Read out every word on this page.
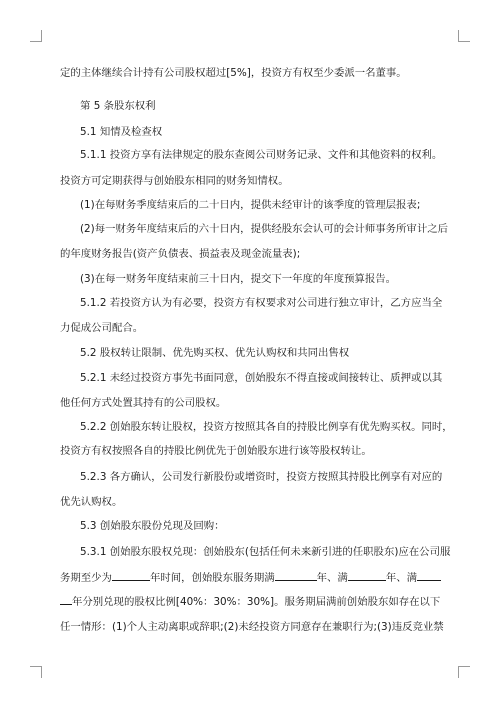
定的主体继续合计持有公司股权超过[5%]，投资方有权至少委派一名董事。
第 5 条股东权利
5.1 知情及检查权
5.1.1 投资方享有法律规定的股东查阅公司财务记录、文件和其他资料的权利。
投资方可定期获得与创始股东相同的财务知情权。
(1)在每财务季度结束后的二十日内，提供未经审计的该季度的管理层报表;
(2)每一财务年度结束后的六十日内，提供经股东会认可的会计师事务所审计之后
的年度财务报告(资产负债表、损益表及现金流量表);
(3)在每一财务年度结束前三十日内，提交下一年度的年度预算报告。
5.1.2 若投资方认为有必要，投资方有权要求对公司进行独立审计，乙方应当全
力促成公司配合。
5.2 股权转让限制、优先购买权、优先认购权和共同出售权
5.2.1 未经过投资方事先书面同意，创始股东不得直接或间接转让、质押或以其
他任何方式处置其持有的公司股权。
5.2.2 创始股东转让股权，投资方按照其各自的持股比例享有优先购买权。同时，
投资方有权按照各自的持股比例优先于创始股东进行该等股权转让。
5.2.3 各方确认，公司发行新股份或增资时，投资方按照其持股比例享有对应的
优先认购权。
5.3 创始股东股份兑现及回购：
5.3.1 创始股东股权兑现：创始股东(包括任何未来新引进的任职股东)应在公司服
务期至少为	年时间，创始股东服务期满	年、满	年、满
年分别兑现的股权比例[40%：30%：30%]。服务期届满前创始股东如存在以下
任一情形：(1)个人主动离职或辞职;(2)未经投资方同意存在兼职行为;(3)违反竞业禁
